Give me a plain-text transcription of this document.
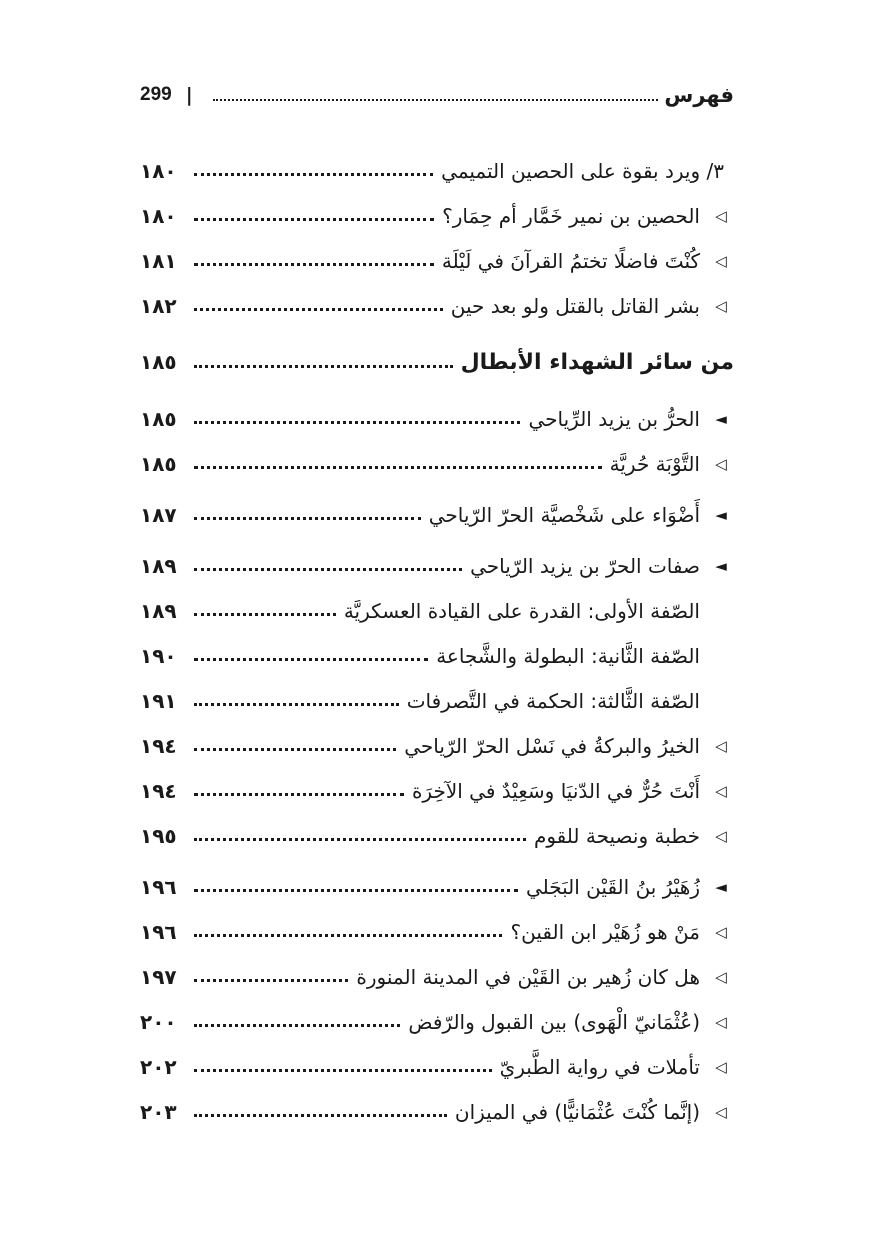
299 |	فهرس
٣/ ويرد بقوة على الحصين التميمي
١٨٠
◁
الحصين بن نمير خَمَّار أم حِمَار؟
١٨٠
◁
كُنْتَ فاضلًا تختمُ القرآنَ في لَيْلَة
١٨١
◁
بشر القاتل بالقتل ولو بعد حين
١٨٢
من سائر الشهداء الأبطال
١٨٥
◄
الحرُّ بن يزيد الرِّياحي
١٨٥
◁
التَّوْبَة حُريَّة
١٨٥
◄
أَضْوَاء على شَخْصيَّة الحرّ الرّياحي
١٨٧
◄
صفات الحرّ بن يزيد الرّياحي
١٨٩
الصّفة الأولى: القدرة على القيادة العسكريَّة
١٨٩
الصّفة الثَّانية: البطولة والشَّجاعة
١٩٠
الصّفة الثَّالثة: الحكمة في التَّصرفات
١٩١
◁
الخيرُ والبركةُ في نَسْل الحرّ الرّياحي
١٩٤
◁
أَنْتَ حُرٌّ في الدّنيَا وسَعِيْدٌ في الآخِرَة
١٩٤
◁
خطبة ونصيحة للقوم
١٩٥
◄
زُهَيْرُ بنُ القَيْن البَجَلي
١٩٦
◁
مَنْ هو زُهَيْر ابن القين؟
١٩٦
◁
هل كان زُهير بن القَيْن في المدينة المنورة
١٩٧
◁
(عُثْمَانيّ الْهَوى) بين القبول والرّفض
٢٠٠
◁
تأملات في رواية الطَّبريّ
٢٠٢
◁
(إنَّما كُنْتَ عُثْمَانيًّا) في الميزان
٢٠٣
